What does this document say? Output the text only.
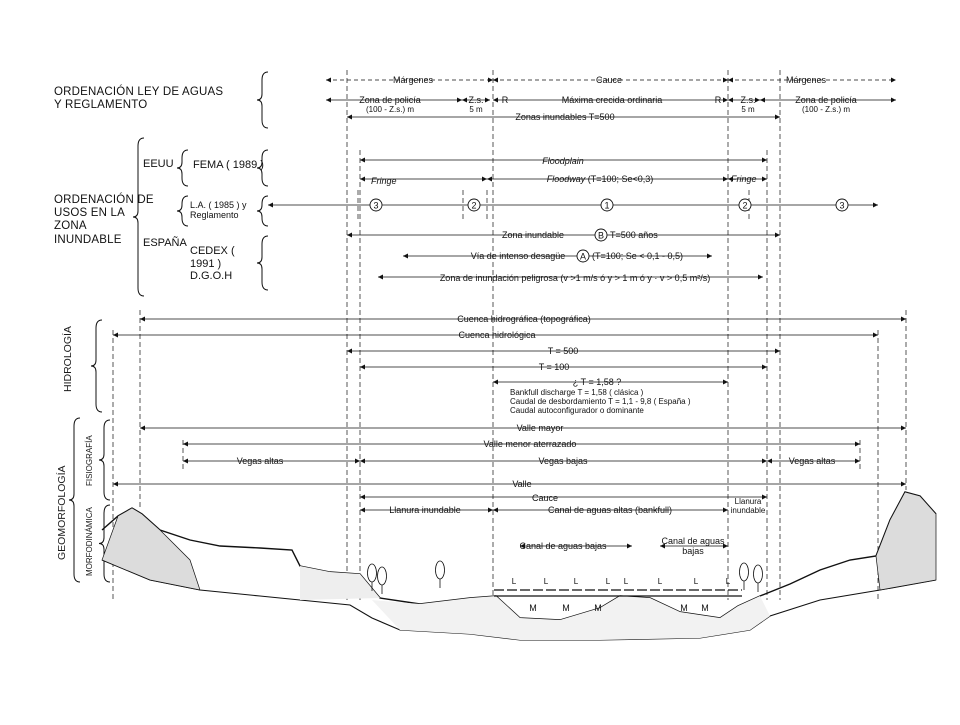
3	2	1	2	3
B
A
L	L	L	L L	L	L	L
M	M	M	M M
ORDENACIÓN LEY DE AGUAS Y REGLAMENTO
ORDENACIÓN DE USOS EN LA ZONA INUNDABLE
EEUU
ESPAÑA
FEMA ( 1989 )
L.A. ( 1985 ) y Reglamento
CEDEX ( 1991 ) D.G.O.H
HIDROLOGÍA
GEOMORFOLOGÍA
FISIOGRAFÍA
MORFODINÁMICA
Márgenes	Cauce	Márgenes
Zona de policía
(100 - Z.s.) m
Z.s.
5 m
R	Máxima crecida ordinaria	R Z.s.
5 m
Zona de policía
(100 - Z.s.) m
Zonas inundables T=500
Floodplain
Fringe	Floodway (T=100; Se<0,3)	Fringe
Zona inundable	T=500 años
Vía de intenso desagüe	(T=100; Se < 0,1 - 0,5)
Zona de inundación peligrosa (v >1 m/s ó y > 1 m ó y · v > 0,5 m²/s)
Cuenca hidrográfica (topográfica)
Cuenca hidrológica
T = 500
T = 100
¿ T = 1,58 ?
Bankfull discharge T = 1,58 ( clásica )
Caudal de desbordamiento T = 1,1 - 9,8 ( España )
Caudal autoconfigurador o dominante
Valle mayor
Valle menor aterrazado
Vegas altas	Vegas bajas	Vegas altas
Valle
Cauce
Llanura inundable	Canal de aguas altas (bankfull)
Llanura inundable
Canal de aguas bajas	Canal de aguas bajas
